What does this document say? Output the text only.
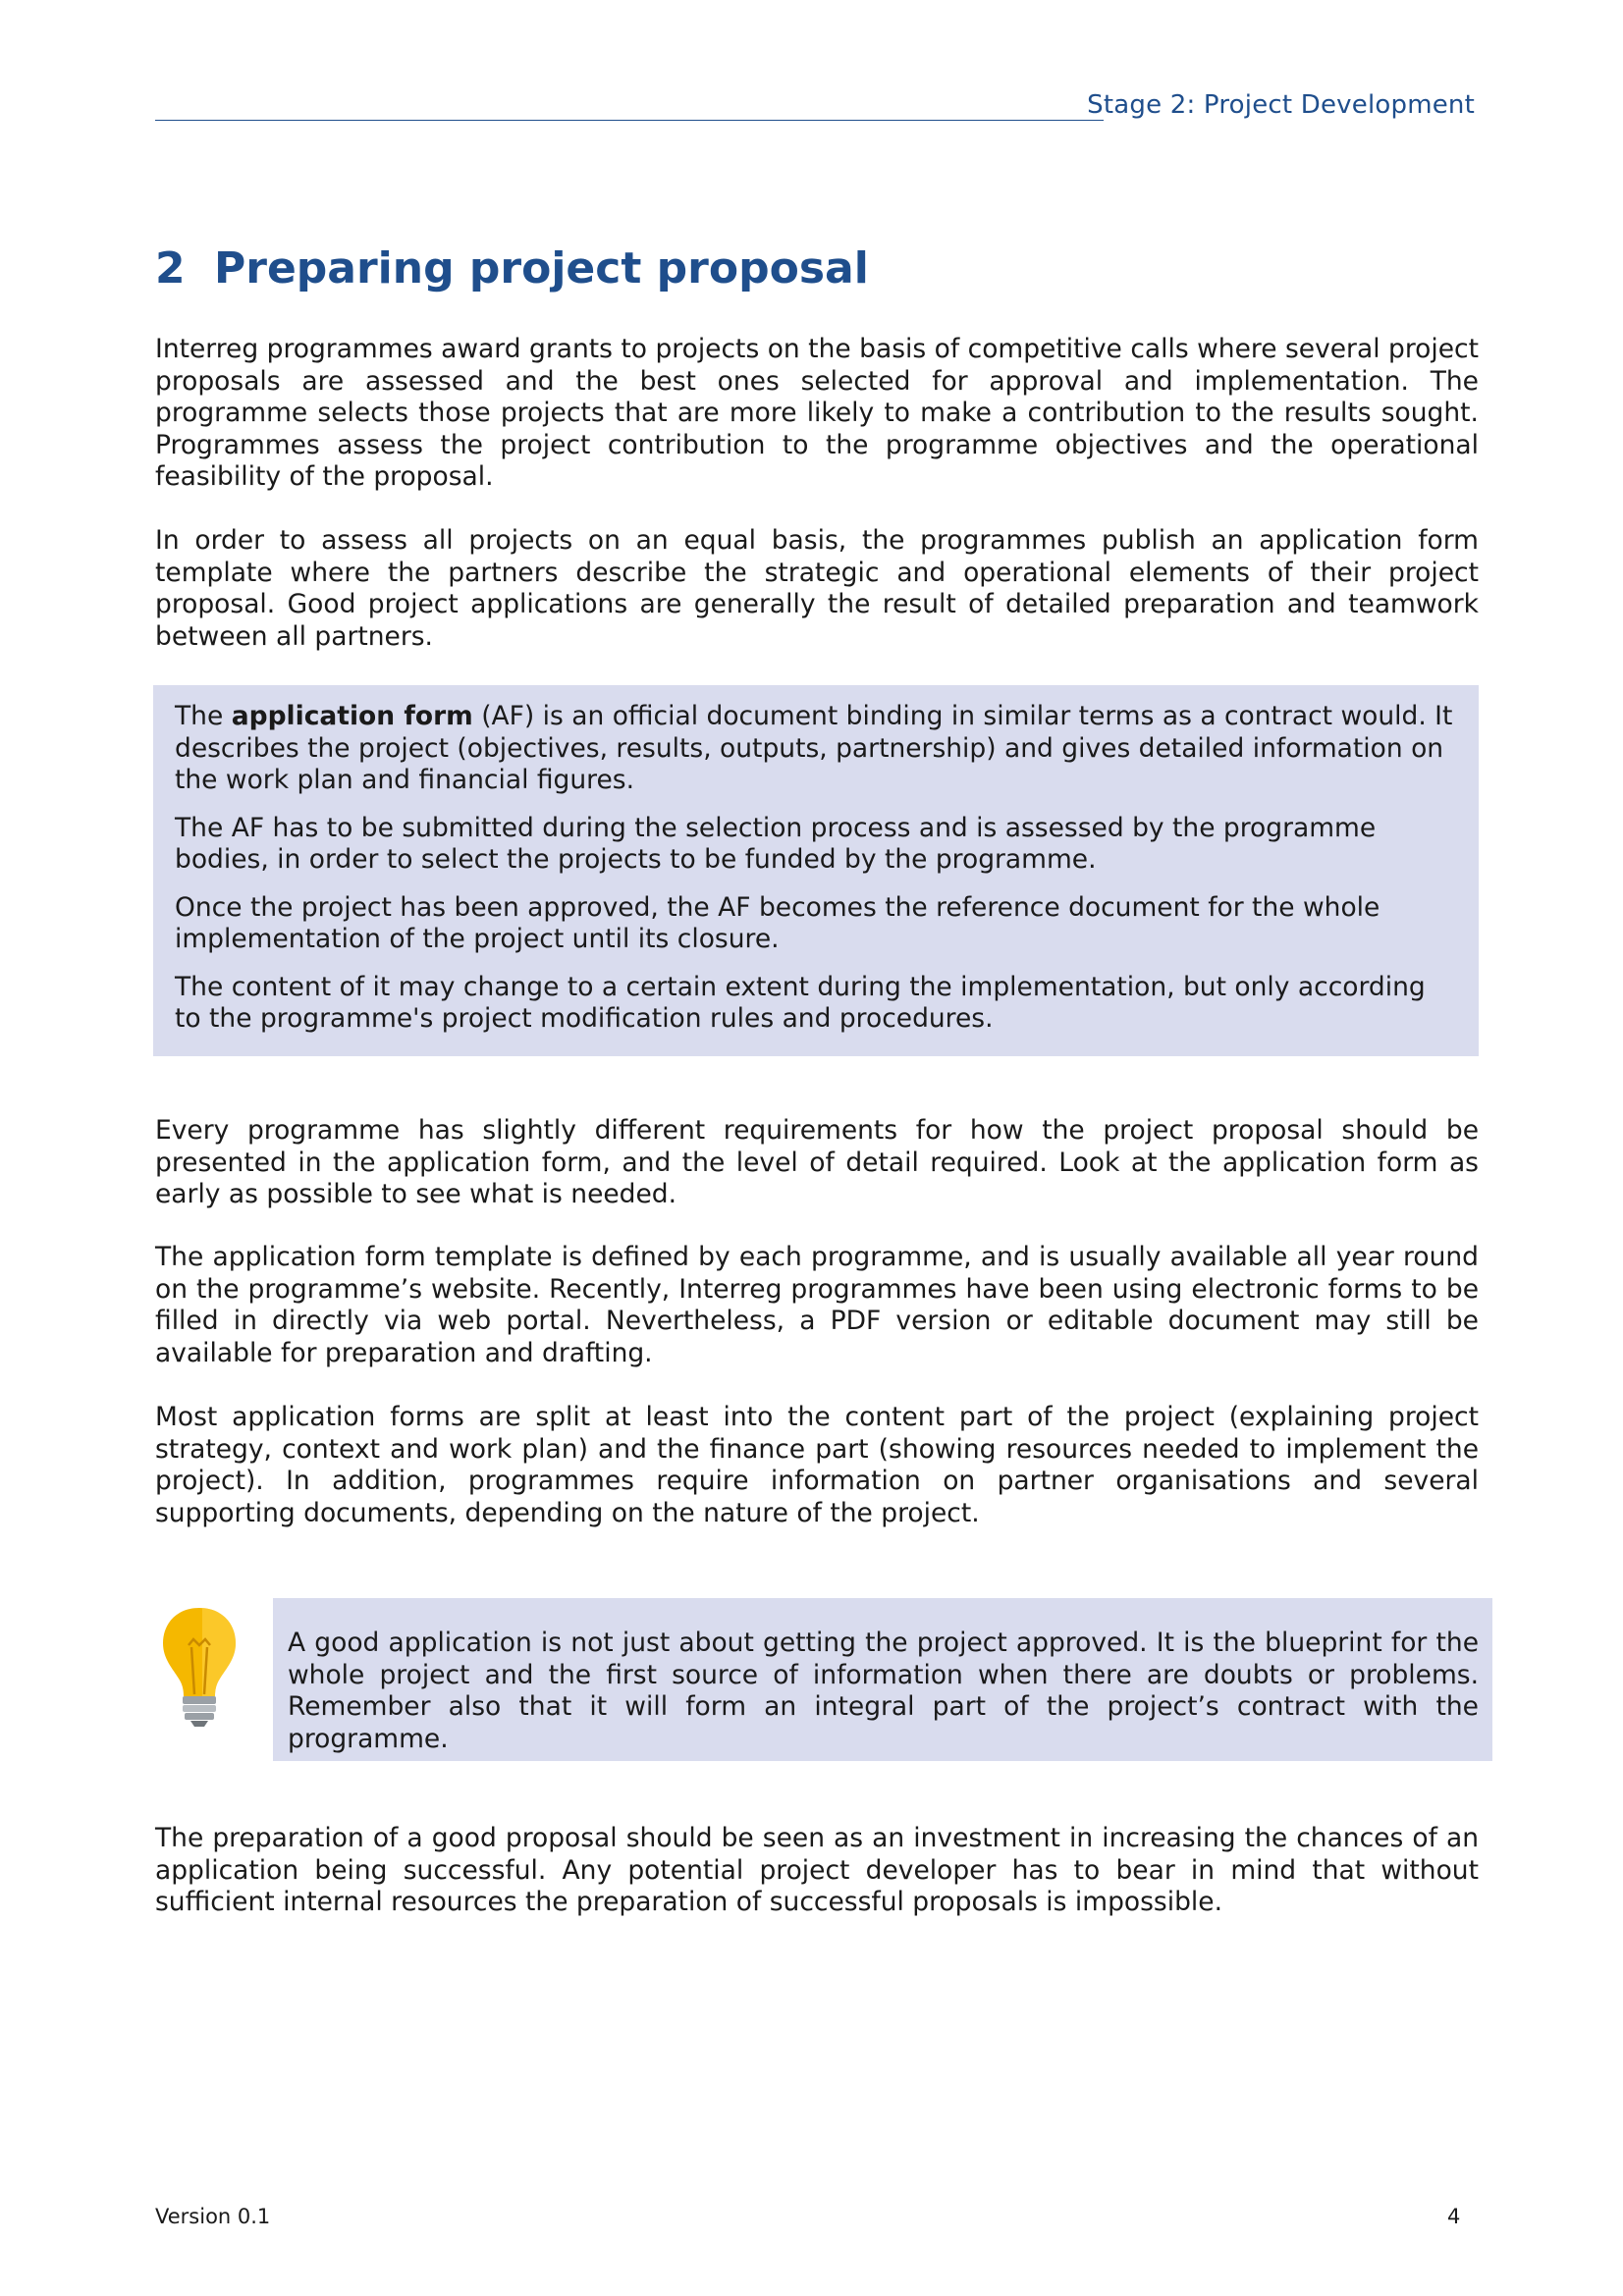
Stage 2: Project Development
2 Preparing project proposal

Interreg programmes award grants to projects on the basis of competitive calls where several project proposals are assessed and the best ones selected for approval and implementation. The programme selects those projects that are more likely to make a contribution to the results sought. Programmes assess the project contribution to the programme objectives and the operational feasibility of the proposal.

In order to assess all projects on an equal basis, the programmes publish an application form template where the partners describe the strategic and operational elements of their project proposal. Good project applications are generally the result of detailed preparation and teamwork between all partners.

The application form (AF) is an official document binding in similar terms as a contract would. It describes the project (objectives, results, outputs, partnership) and gives detailed information on the work plan and financial figures.

The AF has to be submitted during the selection process and is assessed by the programme bodies, in order to select the projects to be funded by the programme.

Once the project has been approved, the AF becomes the reference document for the whole implementation of the project until its closure.

The content of it may change to a certain extent during the implementation, but only according to the programme's project modification rules and procedures.

Every programme has slightly different requirements for how the project proposal should be presented in the application form, and the level of detail required. Look at the application form as early as possible to see what is needed.

The application form template is defined by each programme, and is usually available all year round on the programme’s website. Recently, Interreg programmes have been using electronic forms to be filled in directly via web portal. Nevertheless, a PDF version or editable document may still be available for preparation and drafting.

Most application forms are split at least into the content part of the project (explaining project strategy, context and work plan) and the finance part (showing resources needed to implement the project). In addition, programmes require information on partner organisations and several supporting documents, depending on the nature of the project.

A good application is not just about getting the project approved. It is the blueprint for the whole project and the first source of information when there are doubts or problems. Remember also that it will form an integral part of the project’s contract with the programme.

The preparation of a good proposal should be seen as an investment in increasing the chances of an application being successful. Any potential project developer has to bear in mind that without sufficient internal resources the preparation of successful proposals is impossible.

Version 0.1	4
